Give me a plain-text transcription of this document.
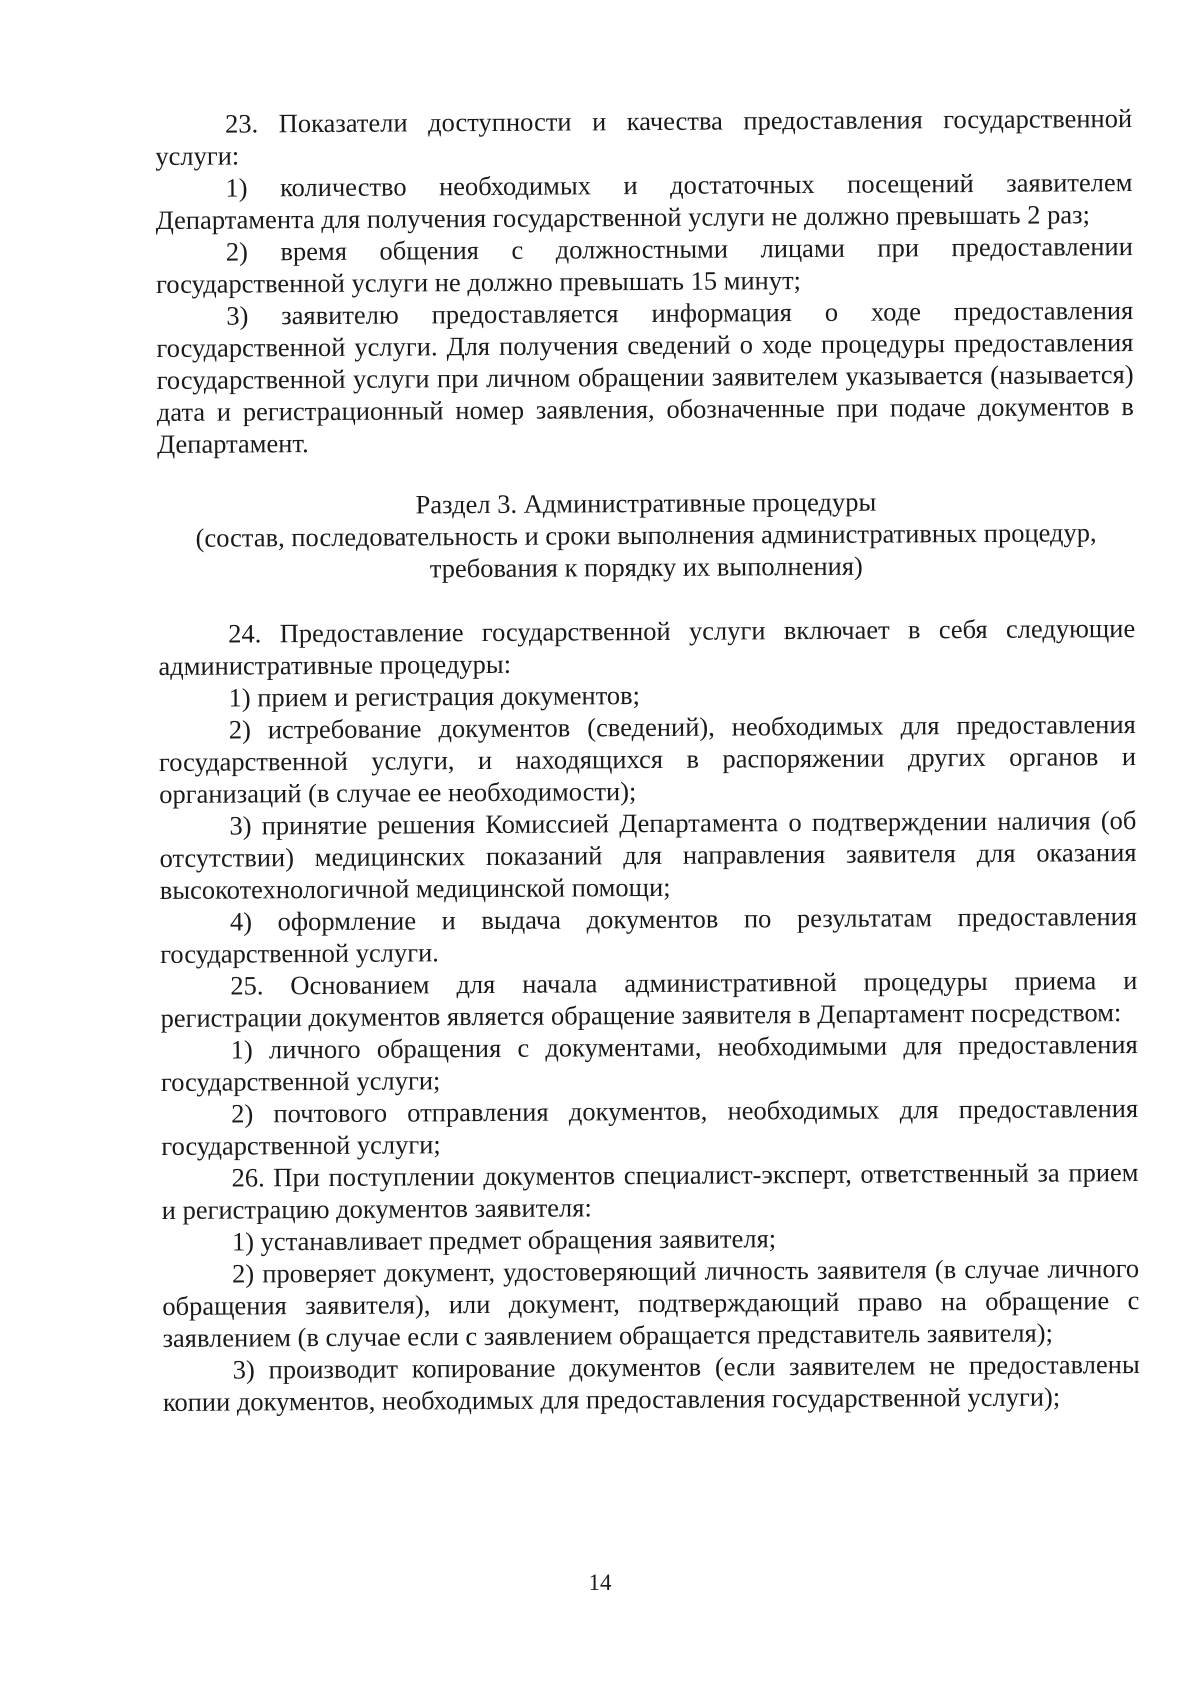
23. Показатели доступности и качества предоставления государственной услуги:

1) количество необходимых и достаточных посещений заявителем Департамента для получения государственной услуги не должно превышать 2 раз;

2) время общения с должностными лицами при предоставлении государственной услуги не должно превышать 15 минут;

3) заявителю предоставляется информация о ходе предоставления государственной услуги. Для получения сведений о ходе процедуры предоставления государственной услуги при личном обращении заявителем указывается (называется) дата и регистрационный номер заявления, обозначенные при подаче документов в Департамент.

Раздел 3. Административные процедуры

(состав, последовательность и сроки выполнения административных процедур,

требования к порядку их выполнения)

24. Предоставление государственной услуги включает в себя следующие административные процедуры:

1) прием и регистрация документов;

2) истребование документов (сведений), необходимых для предоставления государственной услуги, и находящихся в распоряжении других органов и организаций (в случае ее необходимости);

3) принятие решения Комиссией Департамента о подтверждении наличия (об отсутствии) медицинских показаний для направления заявителя для оказания высокотехнологичной медицинской помощи;

4) оформление и выдача документов по результатам предоставления государственной услуги.

25. Основанием для начала административной процедуры приема и регистрации документов является обращение заявителя в Департамент посредством:

1) личного обращения с документами, необходимыми для предоставления государственной услуги;

2) почтового отправления документов, необходимых для предоставления государственной услуги;

26. При поступлении документов специалист-эксперт, ответственный за прием и регистрацию документов заявителя:

1) устанавливает предмет обращения заявителя;

2) проверяет документ, удостоверяющий личность заявителя (в случае личного обращения заявителя), или документ, подтверждающий право на обращение с заявлением (в случае если с заявлением обращается представитель заявителя);

3) производит копирование документов (если заявителем не предоставлены копии документов, необходимых для предоставления государственной услуги);

14
